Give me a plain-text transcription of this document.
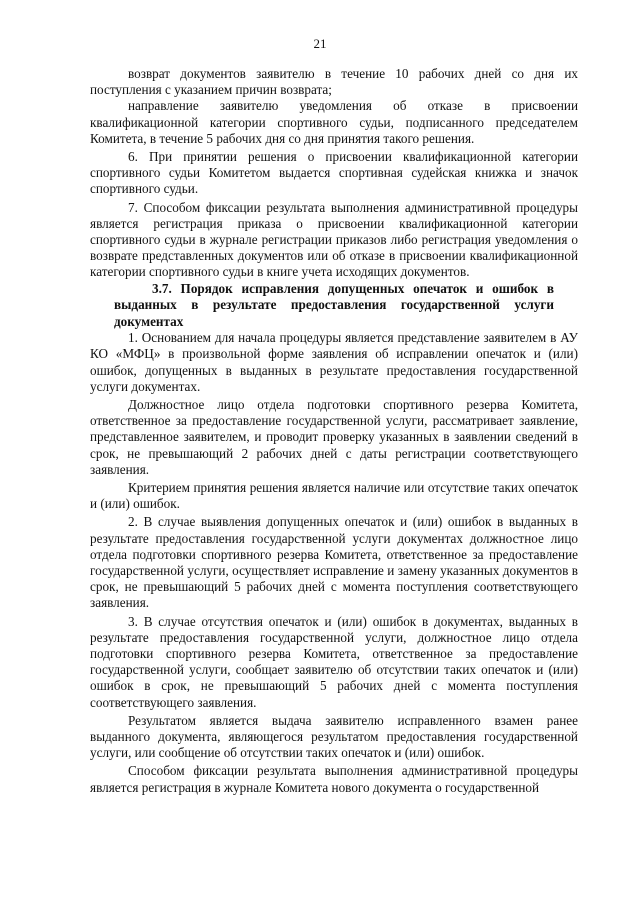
21

возврат документов заявителю в течение 10 рабочих дней со дня их поступления с указанием причин возврата;

направление заявителю уведомления об отказе в присвоении квалификационной категории спортивного судьи, подписанного председателем Комитета, в течение 5 рабочих дня со дня принятия такого решения.

6. При принятии решения о присвоении квалификационной категории спортивного судьи Комитетом выдается спортивная судейская книжка и значок спортивного судьи.

7. Способом фиксации результата выполнения административной процедуры является регистрация приказа о присвоении квалификационной категории спортивного судьи в журнале регистрации приказов либо регистрация уведомления о возврате представленных документов или об отказе в присвоении квалификационной категории спортивного судьи в книге учета исходящих документов.

3.7. Порядок исправления допущенных опечаток и ошибок в выданных в результате предоставления государственной услуги документах

1. Основанием для начала процедуры является представление заявителем в АУ КО «МФЦ» в произвольной форме заявления об исправлении опечаток и (или) ошибок, допущенных в выданных в результате предоставления государственной услуги документах.

Должностное лицо отдела подготовки спортивного резерва Комитета, ответственное за предоставление государственной услуги, рассматривает заявление, представленное заявителем, и проводит проверку указанных в заявлении сведений в срок, не превышающий 2 рабочих дней с даты регистрации соответствующего заявления.

Критерием принятия решения является наличие или отсутствие таких опечаток и (или) ошибок.

2. В случае выявления допущенных опечаток и (или) ошибок в выданных в результате предоставления государственной услуги документах должностное лицо отдела подготовки спортивного резерва Комитета, ответственное за предоставление государственной услуги, осуществляет исправление и замену указанных документов в срок, не превышающий 5 рабочих дней с момента поступления соответствующего заявления.

3. В случае отсутствия опечаток и (или) ошибок в документах, выданных в результате предоставления государственной услуги, должностное лицо отдела подготовки спортивного резерва Комитета, ответственное за предоставление государственной услуги, сообщает заявителю об отсутствии таких опечаток и (или) ошибок в срок, не превышающий 5 рабочих дней с момента поступления соответствующего заявления.

Результатом является выдача заявителю исправленного взамен ранее выданного документа, являющегося результатом предоставления государственной услуги, или сообщение об отсутствии таких опечаток и (или) ошибок.

Способом фиксации результата выполнения административной процедуры является регистрация в журнале Комитета нового документа о государственной
